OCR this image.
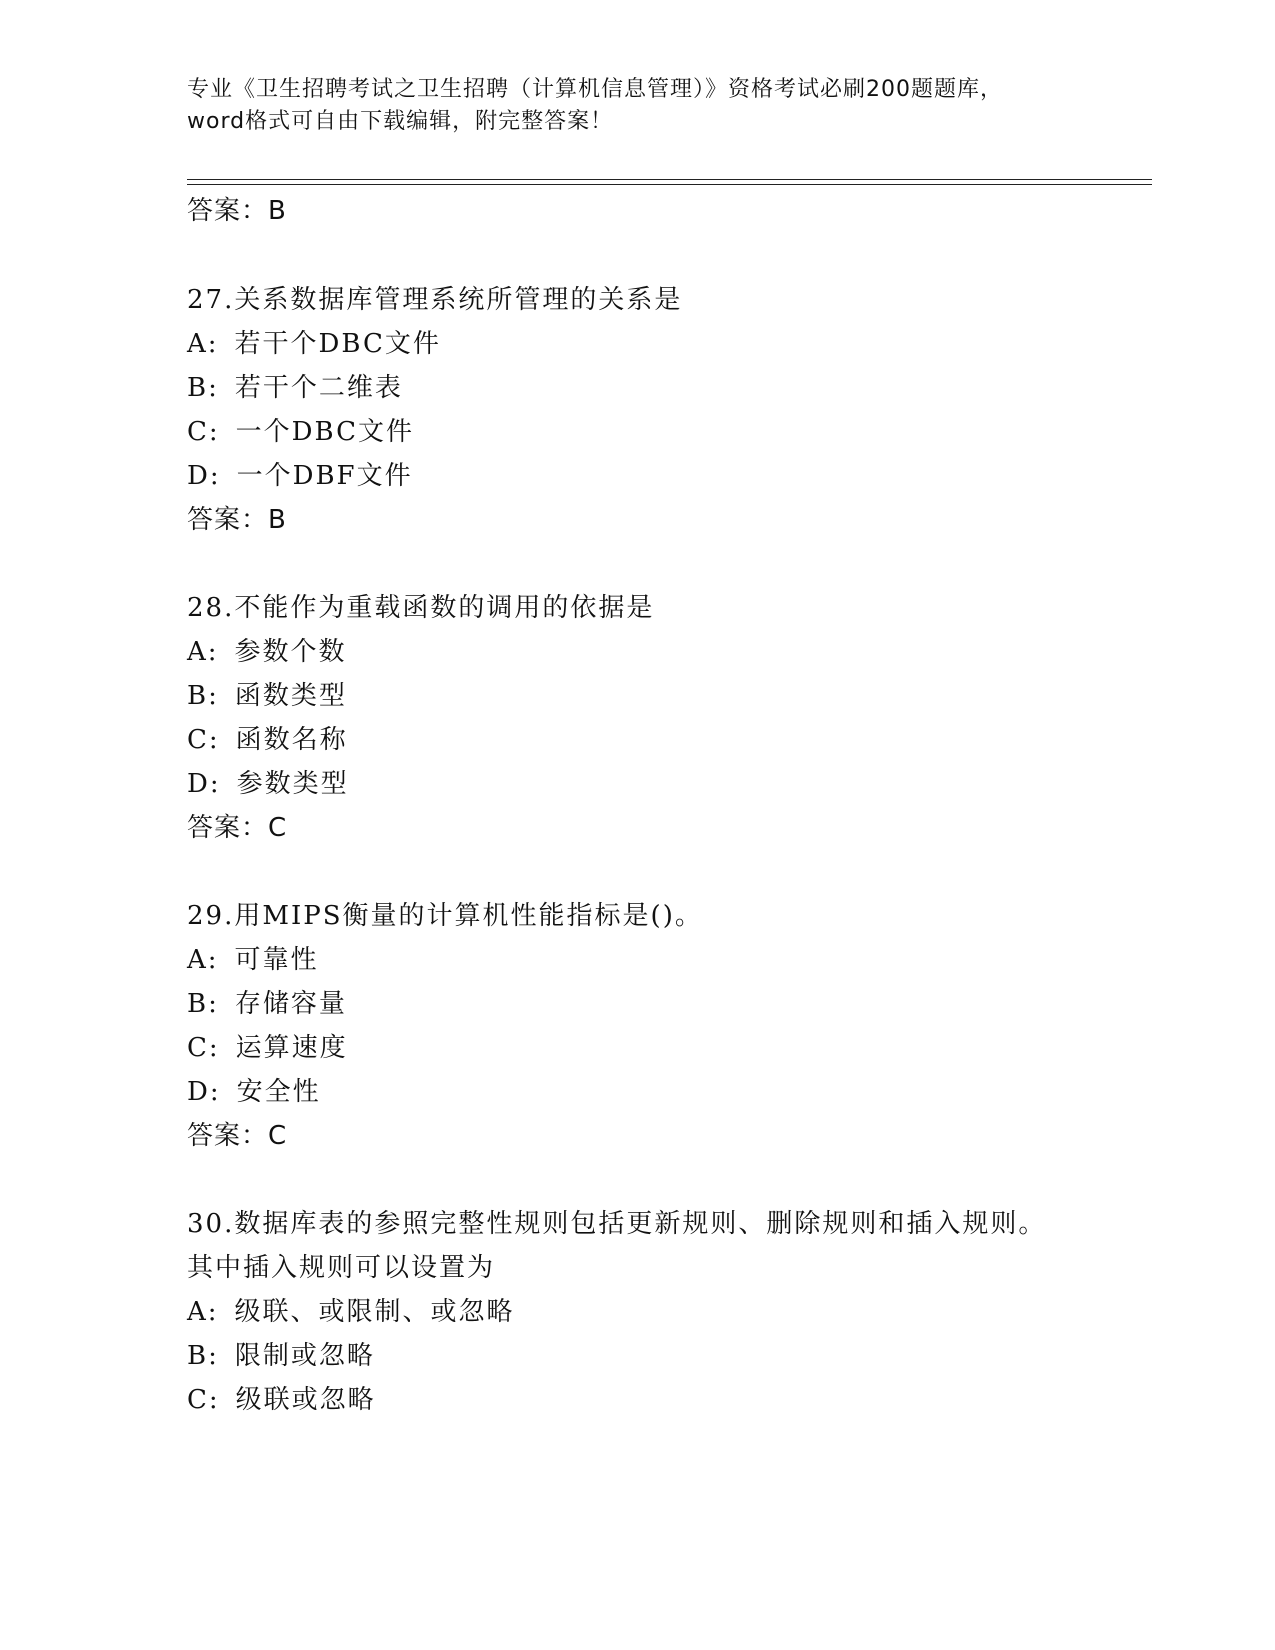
专业《卫生招聘考试之卫生招聘（计算机信息管理）》资格考试必刷200题题库，
word格式可自由下载编辑，附完整答案！
答案：B
27.关系数据库管理系统所管理的关系是
A: 若干个DBC文件
B: 若干个二维表
C: 一个DBC文件
D: 一个DBF文件
答案：B
28.不能作为重载函数的调用的依据是
A: 参数个数
B: 函数类型
C: 函数名称
D: 参数类型
答案：C
29.用MIPS衡量的计算机性能指标是()。
A: 可靠性
B: 存储容量
C: 运算速度
D: 安全性
答案：C
30.数据库表的参照完整性规则包括更新规则、删除规则和插入规则。
其中插入规则可以设置为
A: 级联、或限制、或忽略
B: 限制或忽略
C: 级联或忽略
